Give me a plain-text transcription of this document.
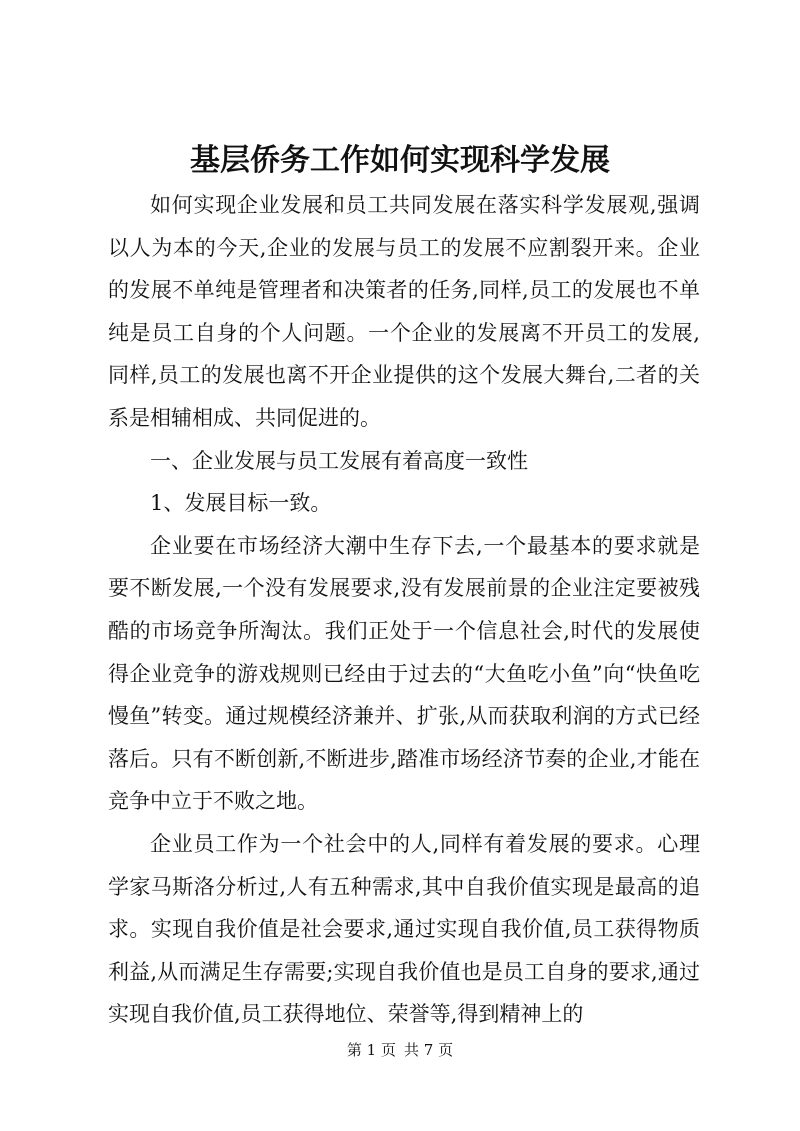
基层侨务工作如何实现科学发展

如何实现企业发展和员工共同发展在落实科学发展观,强调以人为本的今天,企业的发展与员工的发展不应割裂开来。企业的发展不单纯是管理者和决策者的任务,同样,员工的发展也不单纯是员工自身的个人问题。一个企业的发展离不开员工的发展,同样,员工的发展也离不开企业提供的这个发展大舞台,二者的关系是相辅相成、共同促进的。

一、企业发展与员工发展有着高度一致性

1、发展目标一致。

企业要在市场经济大潮中生存下去,一个最基本的要求就是要不断发展,一个没有发展要求,没有发展前景的企业注定要被残酷的市场竞争所淘汰。我们正处于一个信息社会,时代的发展使得企业竞争的游戏规则已经由于过去的“大鱼吃小鱼”向“快鱼吃慢鱼”转变。通过规模经济兼并、扩张,从而获取利润的方式已经落后。只有不断创新,不断进步,踏准市场经济节奏的企业,才能在竞争中立于不败之地。

企业员工作为一个社会中的人,同样有着发展的要求。心理学家马斯洛分析过,人有五种需求,其中自我价值实现是最高的追求。实现自我价值是社会要求,通过实现自我价值,员工获得物质利益,从而满足生存需要;实现自我价值也是员工自身的要求,通过实现自我价值,员工获得地位、荣誉等,得到精神上的

第 1 页 共 7 页
